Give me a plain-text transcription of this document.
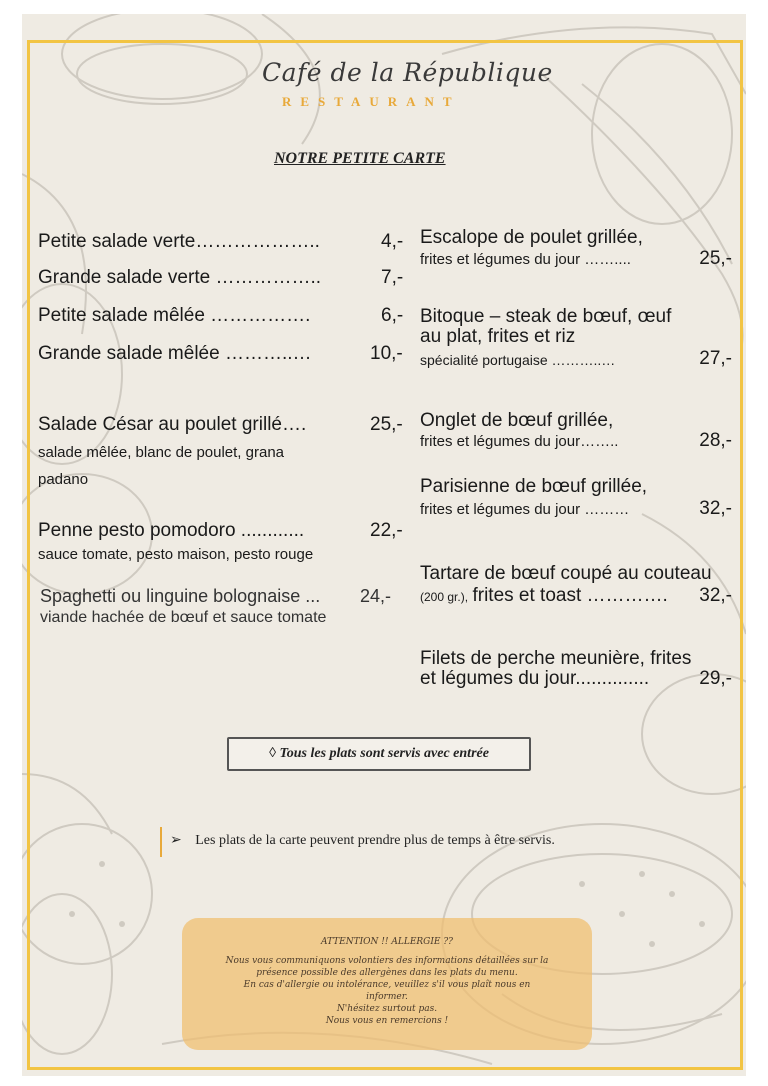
Café de la République
RESTAURANT
NOTRE PETITE CARTE
Petite salade verte………………..	4,-
Grande salade verte ……………..	7,-
Petite salade mêlée …………….	6,-
Grande salade mêlée ………..…	10,-
Salade César au poulet grillé….	25,-
salade mêlée, blanc de poulet, grana
padano
Penne pesto pomodoro ............	22,-
sauce tomate, pesto maison, pesto rouge
Spaghetti ou linguine bolognaise ... 24,-
viande hachée de bœuf et sauce tomate
Escalope de poulet grillée,
frites et légumes du jour ……....	25,-
Bitoque – steak de bœuf, œuf
au plat, frites et riz
spécialité portugaise ………..…	27,-
Onglet de bœuf grillée,
frites et légumes du jour……..	28,-
Parisienne de bœuf grillée,
frites et légumes du jour ………	32,-
Tartare de bœuf coupé au couteau
(200 gr.), frites et toast …………. 32,-
Filets de perche meunière, frites
et légumes du jour..............	29,-
◊ Tous les plats sont servis avec entrée
➢ Les plats de la carte peuvent prendre plus de temps à être servis.
ATTENTION !! ALLERGIE ??
Nous vous communiquons volontiers des informations détaillées sur la
présence possible des allergènes dans les plats du menu.
En cas d'allergie ou intolérance, veuillez s'il vous plaît nous en
informer.
N'hésitez surtout pas.
Nous vous en remercions !
